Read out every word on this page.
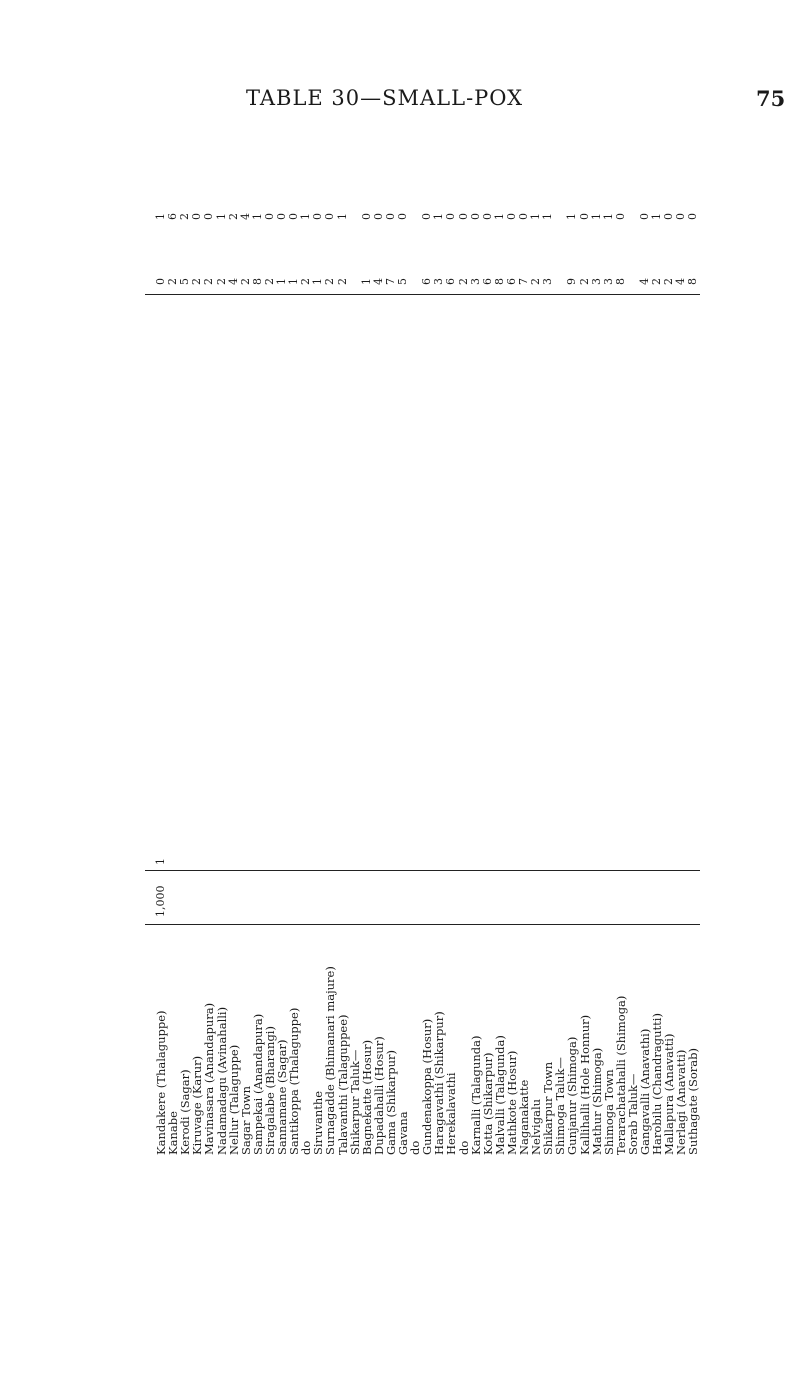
TABLE 30—SMALL-POX	75
Kandakere (Thalaguppe)
1,000
1
0
1
Kanabe
2
6
Kerodi (Sagar)
5
2
Kiruvage (Karur)
2
0
Mavinasara (Anandapura)
2
0
Nadamadagu (Avinahalli)
2
1
Nellur (Talaguppe)
4
2
Sagar Town
2
4
Sampekai (Anandapura)
8
1
Siragalabe (Bharangi)
2
0
Sannamane (Sagar)
1
0
Santikoppa (Thalaguppe)
1
0
do
2
1
Siruvanthe
1
0
Surnagadde (Bhimanari majure)
2
0
Talavanthi (Talaguppee)
2
1
Shikarpur Taluk—
Bagnekatte (Hosur)
1
0
Dupadahalli (Hosur)
4
0
Gama (Shikarpur)
7
0
Gavana
5
0
do
Gundenakoppa (Hosur)
6
0
Haragavathi (Shikarpur)
3
1
Herekalavathi
6
0
do
2
0
Karnalli (Talagunda)
3
0
Kotta (Shikarpur)
6
0
Malvalli (Talagunda)
8
1
Mathkote (Hosur)
6
0
Naganakatte
7
0
Nelvigalu
2
1
Shikarpur Town
3
1
Shimoga Taluk—
Gunjanur (Shimoga)
9
1
Kallihalli (Hole Honnur)
2
0
Mathur (Shimoga)
3
1
Shimoga Town
3
1
Terarachatahalli (Shimoga)
8
0
Sorab Taluk—
Gangavalli (Anavathi)
4
0
Harobilu (Chandragutti)
2
1
Mallapura (Anavatti)
2
0
Nerlagi (Anavatti)
4
0
Suthagate (Sorab)
8
0
